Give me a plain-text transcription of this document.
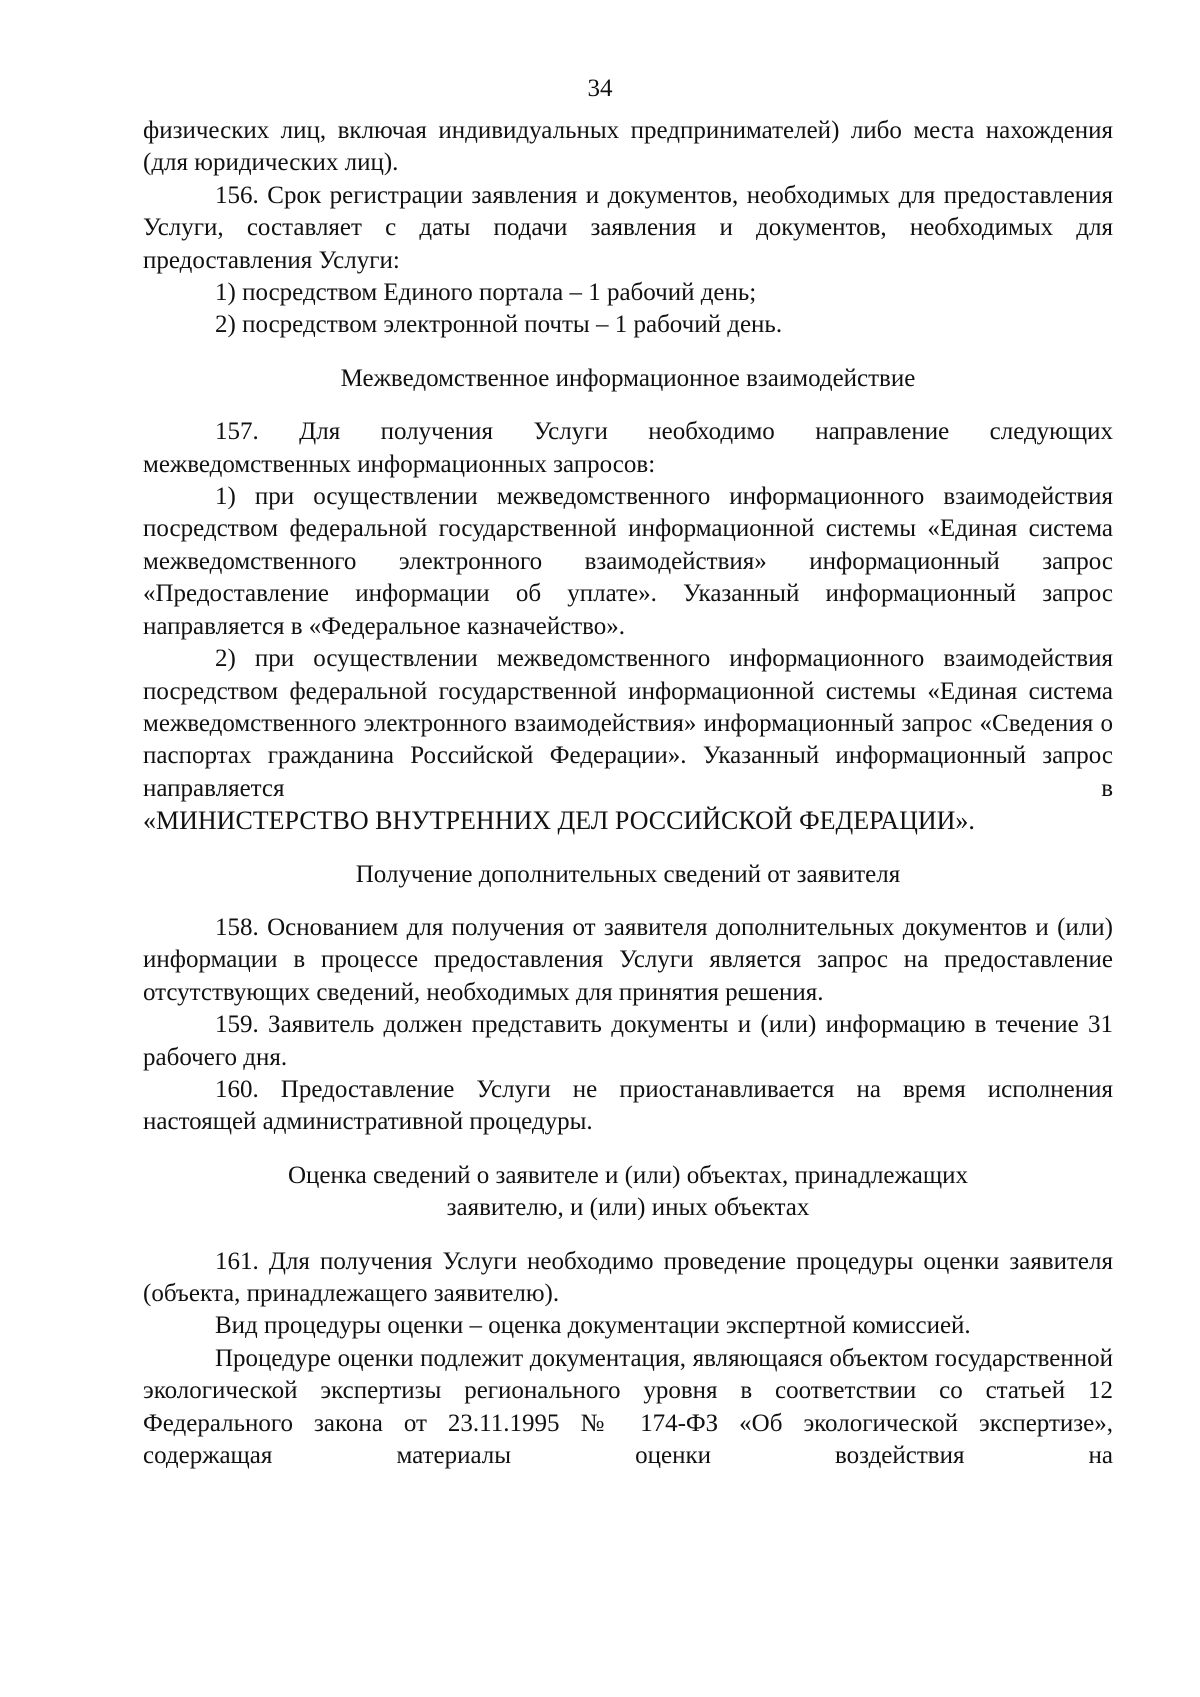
34

физических лиц, включая индивидуальных предпринимателей) либо места нахождения (для юридических лиц).

156. Срок регистрации заявления и документов, необходимых для предоставления Услуги, составляет с даты подачи заявления и документов, необходимых для предоставления Услуги:

1) посредством Единого портала – 1 рабочий день;

2) посредством электронной почты – 1 рабочий день.

Межведомственное информационное взаимодействие

157. Для получения Услуги необходимо направление следующих межведомственных информационных запросов:

1) при осуществлении межведомственного информационного взаимодействия посредством федеральной государственной информационной системы «Единая система межведомственного электронного взаимодействия» информационный запрос «Предоставление информации об уплате». Указанный информационный запрос направляется в «Федеральное казначейство».

2) при осуществлении межведомственного информационного взаимодействия посредством федеральной государственной информационной системы «Единая система межведомственного электронного взаимодействия» информационный запрос «Сведения о паспортах гражданина Российской Федерации». Указанный информационный запрос направляется в

«МИНИСТЕРСТВО ВНУТРЕННИХ ДЕЛ РОССИЙСКОЙ ФЕДЕРАЦИИ».

Получение дополнительных сведений от заявителя

158. Основанием для получения от заявителя дополнительных документов и (или) информации в процессе предоставления Услуги является запрос на предоставление отсутствующих сведений, необходимых для принятия решения.

159. Заявитель должен представить документы и (или) информацию в течение 31 рабочего дня.

160. Предоставление Услуги не приостанавливается на время исполнения настоящей административной процедуры.

Оценка сведений о заявителе и (или) объектах, принадлежащих
заявителю, и (или) иных объектах

161. Для получения Услуги необходимо проведение процедуры оценки заявителя (объекта, принадлежащего заявителю).

Вид процедуры оценки – оценка документации экспертной комиссией.

Процедуре оценки подлежит документация, являющаяся объектом государственной экологической экспертизы регионального уровня в соответствии со статьей 12 Федерального закона от 23.11.1995 № 174-ФЗ «Об экологической экспертизе», содержащая материалы оценки воздействия на
